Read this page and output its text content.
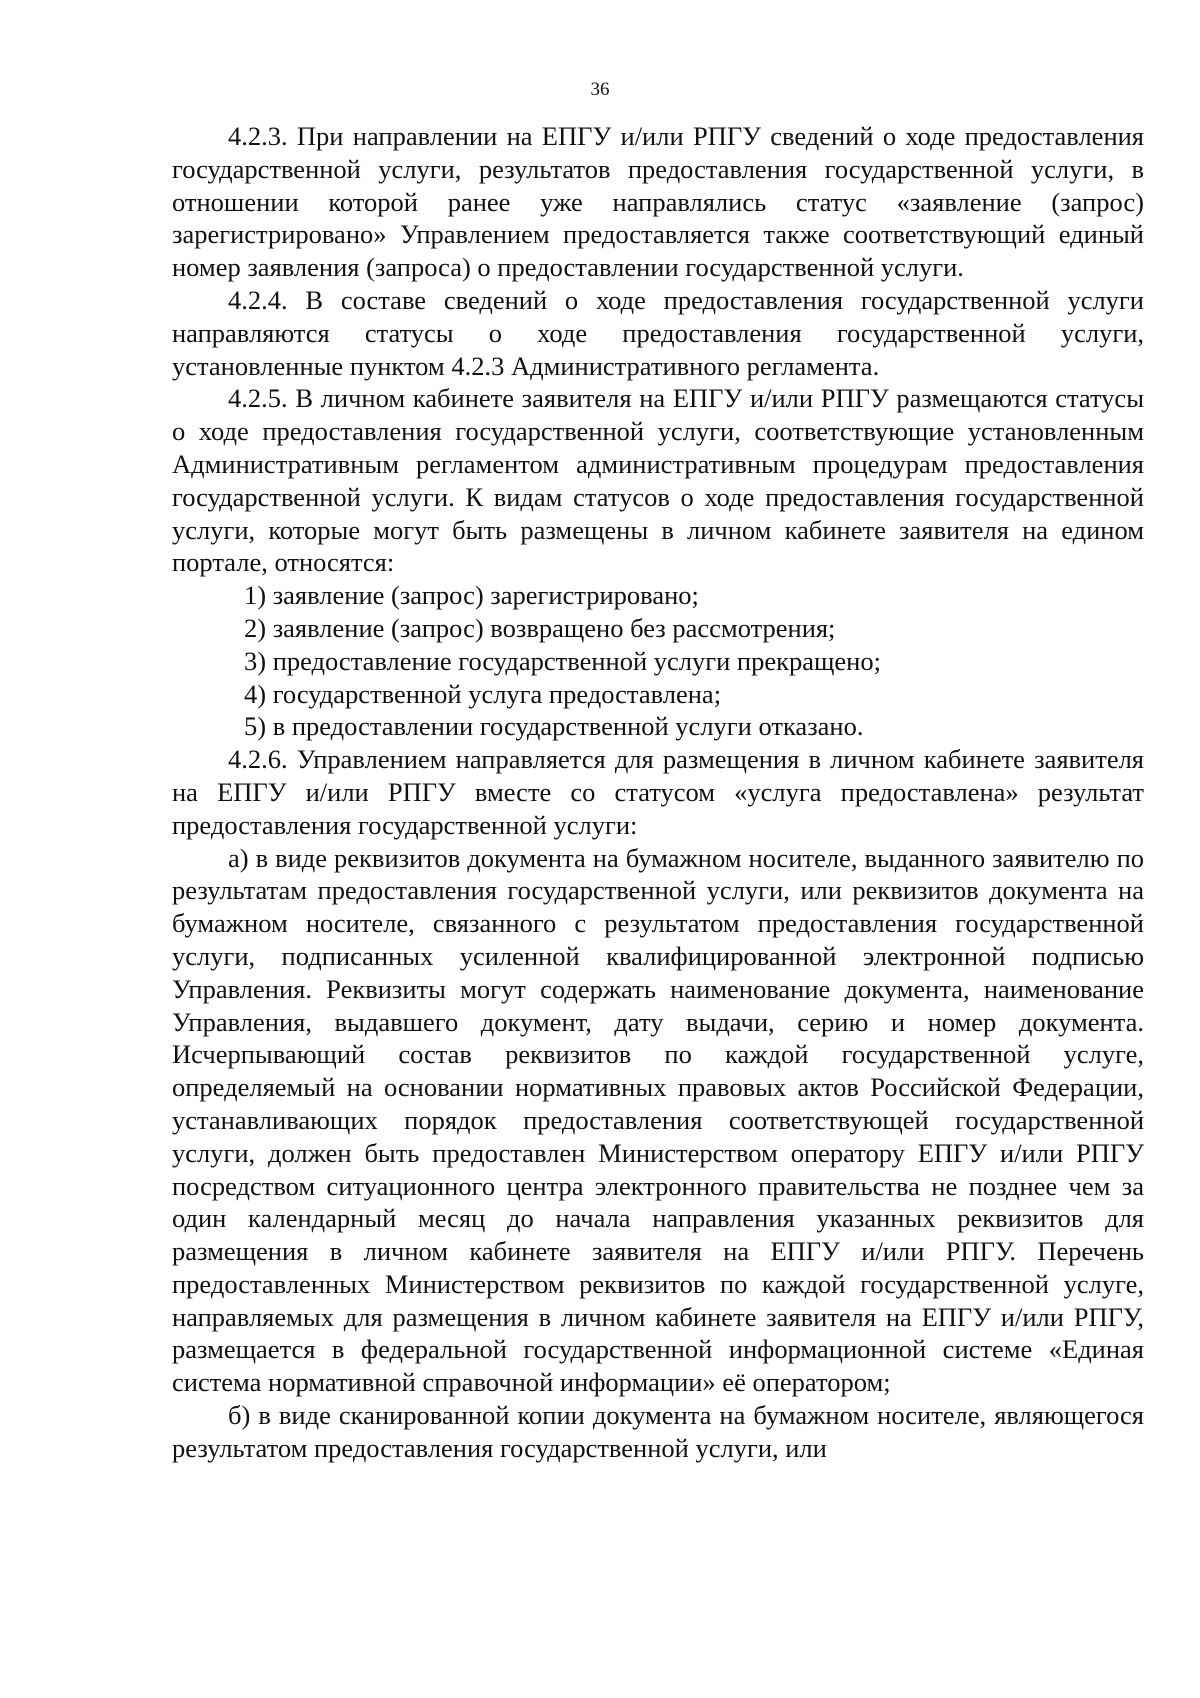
36

4.2.3. При направлении на ЕПГУ и/или РПГУ сведений о ходе предоставления государственной услуги, результатов предоставления государственной услуги, в отношении которой ранее уже направлялись статус «заявление (запрос) зарегистрировано» Управлением предоставляется также соответствующий единый номер заявления (запроса) о предоставлении государственной услуги.

4.2.4. В составе сведений о ходе предоставления государственной услуги направляются статусы о ходе предоставления государственной услуги, установленные пунктом 4.2.3 Административного регламента.

4.2.5. В личном кабинете заявителя на ЕПГУ и/или РПГУ размещаются статусы о ходе предоставления государственной услуги, соответствующие установленным Административным регламентом административным процедурам предоставления государственной услуги. К видам статусов о ходе предоставления государственной услуги, которые могут быть размещены в личном кабинете заявителя на едином портале, относятся:

1) заявление (запрос) зарегистрировано;
2) заявление (запрос) возвращено без рассмотрения;
3) предоставление государственной услуги прекращено;
4) государственной услуга предоставлена;
5) в предоставлении государственной услуги отказано.

4.2.6. Управлением направляется для размещения в личном кабинете заявителя на ЕПГУ и/или РПГУ вместе со статусом «услуга предоставлена» результат предоставления государственной услуги:

а) в виде реквизитов документа на бумажном носителе, выданного заявителю по результатам предоставления государственной услуги, или реквизитов документа на бумажном носителе, связанного с результатом предоставления государственной услуги, подписанных усиленной квалифицированной электронной подписью Управления. Реквизиты могут содержать наименование документа, наименование Управления, выдавшего документ, дату выдачи, серию и номер документа. Исчерпывающий состав реквизитов по каждой государственной услуге, определяемый на основании нормативных правовых актов Российской Федерации, устанавливающих порядок предоставления соответствующей государственной услуги, должен быть предоставлен Министерством оператору ЕПГУ и/или РПГУ посредством ситуационного центра электронного правительства не позднее чем за один календарный месяц до начала направления указанных реквизитов для размещения в личном кабинете заявителя на ЕПГУ и/или РПГУ. Перечень предоставленных Министерством реквизитов по каждой государственной услуге, направляемых для размещения в личном кабинете заявителя на ЕПГУ и/или РПГУ, размещается в федеральной государственной информационной системе «Единая система нормативной справочной информации» её оператором;

б) в виде сканированной копии документа на бумажном носителе, являющегося результатом предоставления государственной услуги, или
